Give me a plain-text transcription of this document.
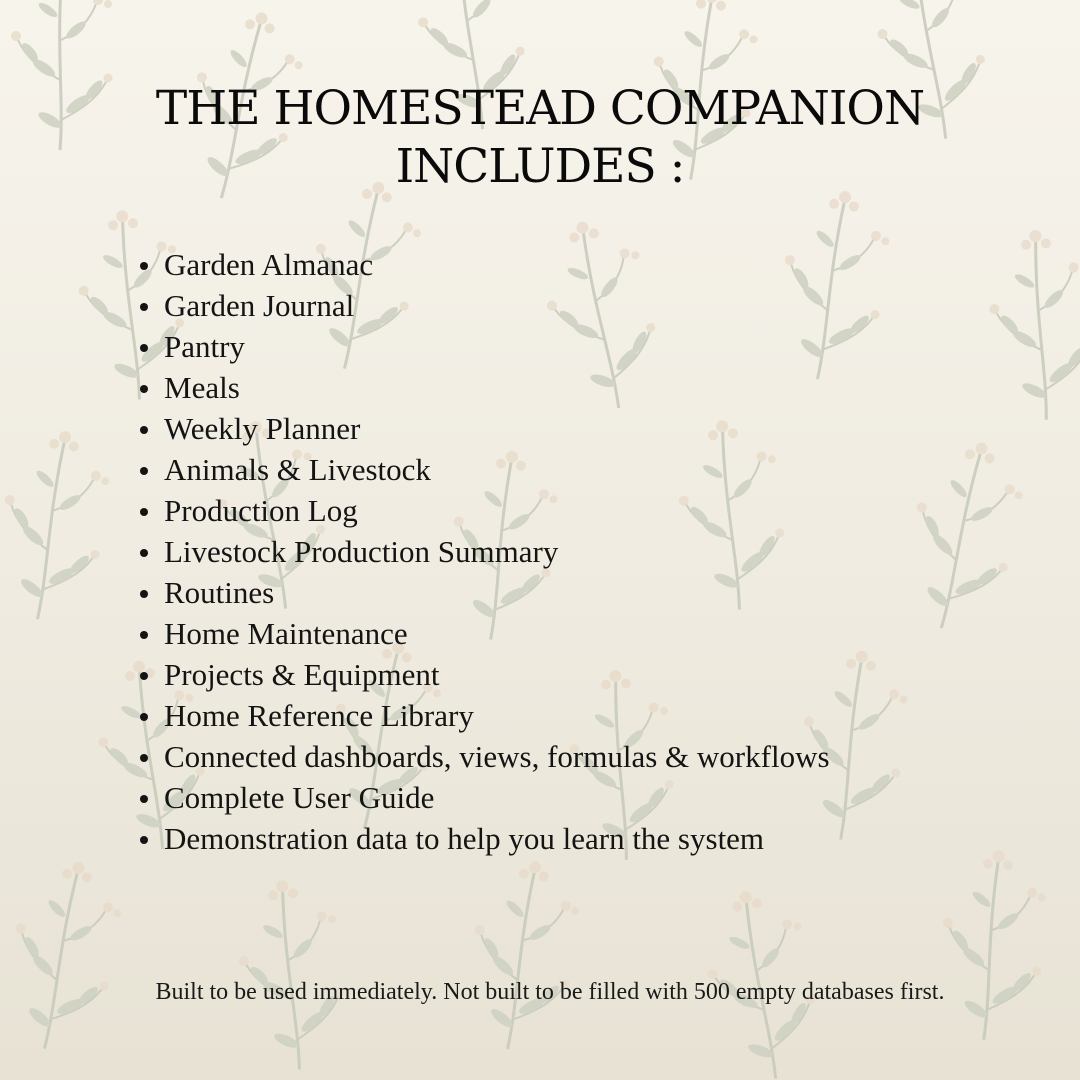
THE HOMESTEAD COMPANION
INCLUDES :
Garden Almanac
Garden Journal
Pantry
Meals
Weekly Planner
Animals & Livestock
Production Log
Livestock Production Summary
Routines
Home Maintenance
Projects & Equipment
Home Reference Library
Connected dashboards, views, formulas & workflows
Complete User Guide
Demonstration data to help you learn the system

Built to be used immediately. Not built to be filled with 500 empty databases first.
